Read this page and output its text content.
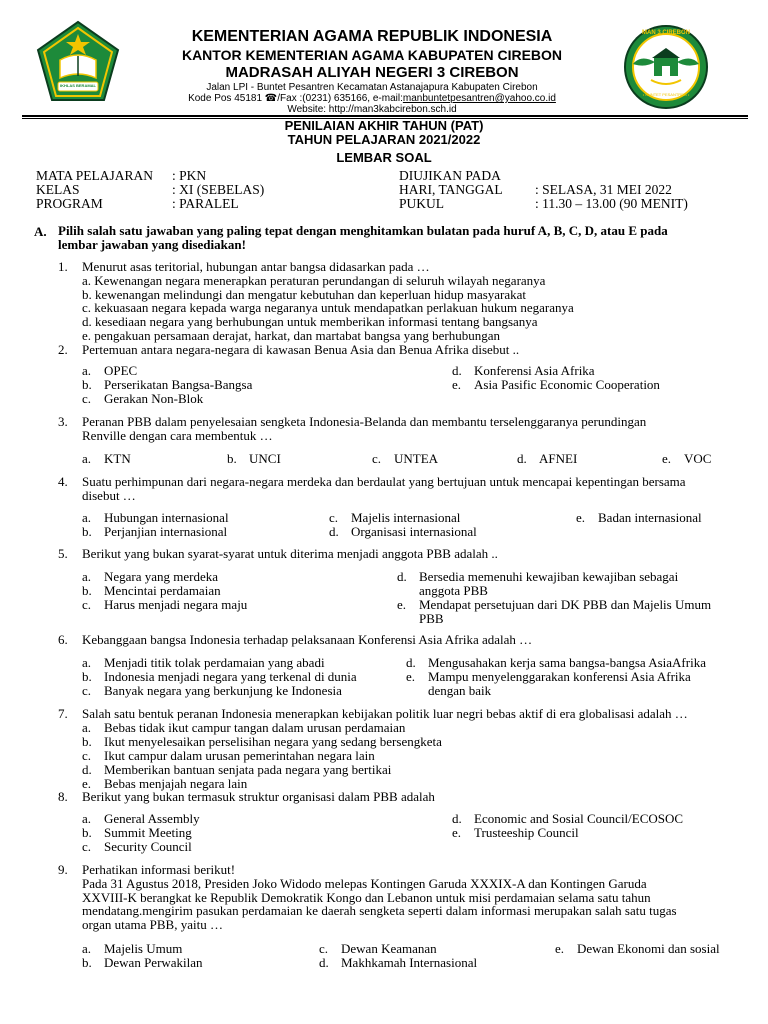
IKHLAS BERAMAL
MAN 3 CIREBON
• BUNTET PESANTREN •
KEMENTERIAN AGAMA REPUBLIK INDONESIA
KANTOR KEMENTERIAN AGAMA KABUPATEN CIREBON
MADRASAH ALIYAH NEGERI 3 CIREBON
Jalan LPI - Buntet Pesantren Kecamatan Astanajapura Kabupaten Cirebon
Kode Pos 45181 ☎/Fax :(0231) 635166, e-mail:manbuntetpesantren@yahoo.co.id
Website: http://man3kabcirebon.sch.id
PENILAIAN AKHIR TAHUN (PAT)
TAHUN PELAJARAN 2021/2022
LEMBAR SOAL
MATA PELAJARAN : PKN
KELAS	: XI (SEBELAS)
PROGRAM	: PARALEL
DIUJIKAN PADA
HARI, TANGGAL : SELASA, 31 MEI 2022
PUKUL	: 11.30 – 13.00 (90 MENIT)
A. Pilih salah satu jawaban yang paling tepat dengan menghitamkan bulatan pada huruf A, B, C, D, atau E pada
lembar jawaban yang disediakan!
1. Menurut asas teritorial, hubungan antar bangsa didasarkan pada …
a. Kewenangan negara menerapkan peraturan perundangan di seluruh wilayah negaranya
b. kewenangan melindungi dan mengatur kebutuhan dan keperluan hidup masyarakat
c. kekuasaan negara kepada warga negaranya untuk mendapatkan perlakuan hukum negaranya
d. kesediaan negara yang berhubungan untuk memberikan informasi tentang bangsanya
e. pengakuan persamaan derajat, harkat, dan martabat bangsa yang berhubungan
2. Pertemuan antara negara-negara di kawasan Benua Asia dan Benua Afrika disebut ..
a. OPEC
b. Perserikatan Bangsa-Bangsa
c. Gerakan Non-Blok
d. Konferensi Asia Afrika
e. Asia Pasific Economic Cooperation
3. Peranan PBB dalam penyelesaian sengketa Indonesia-Belanda dan membantu terselenggaranya perundingan
Renville dengan cara membentuk …
a. KTN	b. UNCI	c. UNTEA	d. AFNEI	e. VOC
4. Suatu perhimpunan dari negara-negara merdeka dan berdaulat yang bertujuan untuk mencapai kepentingan bersama
disebut …
a. Hubungan internasional
b. Perjanjian internasional
c. Majelis internasional
d. Organisasi internasional
e. Badan internasional
5. Berikut yang bukan syarat-syarat untuk diterima menjadi anggota PBB adalah ..
a. Negara yang merdeka
b. Mencintai perdamaian
c. Harus menjadi negara maju
d. Bersedia memenuhi kewajiban kewajiban sebagai
anggota PBB
e. Mendapat persetujuan dari DK PBB dan Majelis Umum
PBB
6. Kebanggaan bangsa Indonesia terhadap pelaksanaan Konferensi Asia Afrika adalah …
a. Menjadi titik tolak perdamaian yang abadi
b. Indonesia menjadi negara yang terkenal di dunia
c. Banyak negara yang berkunjung ke Indonesia
d. Mengusahakan kerja sama bangsa-bangsa AsiaAfrika
e. Mampu menyelenggarakan konferensi Asia Afrika
dengan baik
7. Salah satu bentuk peranan Indonesia menerapkan kebijakan politik luar negri bebas aktif di era globalisasi adalah …
a. Bebas tidak ikut campur tangan dalam urusan perdamaian
b. Ikut menyelesaikan perselisihan negara yang sedang bersengketa
c. Ikut campur dalam urusan pemerintahan negara lain
d. Memberikan bantuan senjata pada negara yang bertikai
e. Bebas menjajah negara lain
8. Berikut yang bukan termasuk struktur organisasi dalam PBB adalah
a. General Assembly
b. Summit Meeting
c. Security Council
d. Economic and Sosial Council/ECOSOC
e. Trusteeship Council
9. Perhatikan informasi berikut!
Pada 31 Agustus 2018, Presiden Joko Widodo melepas Kontingen Garuda XXXIX-A dan Kontingen Garuda
XXVIII-K berangkat ke Republik Demokratik Kongo dan Lebanon untuk misi perdamaian selama satu tahun
mendatang.mengirim pasukan perdamaian ke daerah sengketa seperti dalam informasi merupakan salah satu tugas
organ utama PBB, yaitu …
a. Majelis Umum
b. Dewan Perwakilan
c. Dewan Keamanan
d. Makhkamah Internasional
e. Dewan Ekonomi dan sosial
